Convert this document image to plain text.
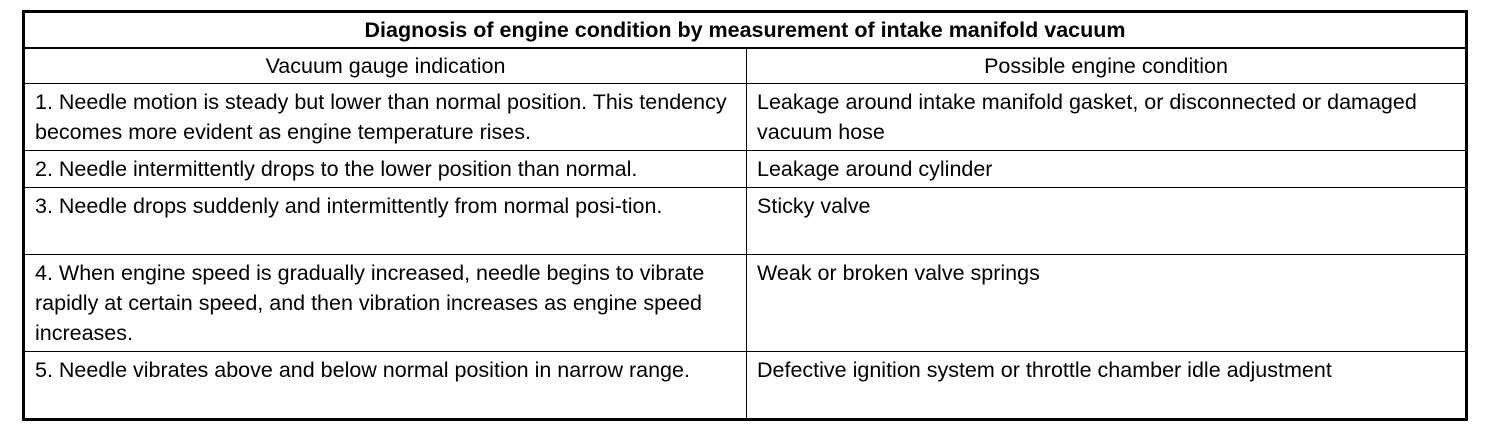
Diagnosis of engine condition by measurement of intake manifold vacuum	
Vacuum gauge indication	Possible engine condition
1. Needle motion is steady but lower than normal position. This tendency becomes more evident as engine temperature rises.	Leakage around intake manifold gasket, or disconnected or damaged vacuum hose
2. Needle intermittently drops to the lower position than normal.	Leakage around cylinder
3. Needle drops suddenly and intermittently from normal posi-tion.	Sticky valve
4. When engine speed is gradually increased, needle begins to vibrate rapidly at certain speed, and then vibration increases as engine speed increases.	Weak or broken valve springs
5. Needle vibrates above and below normal position in narrow range.	Defective ignition system or throttle chamber idle adjustment
